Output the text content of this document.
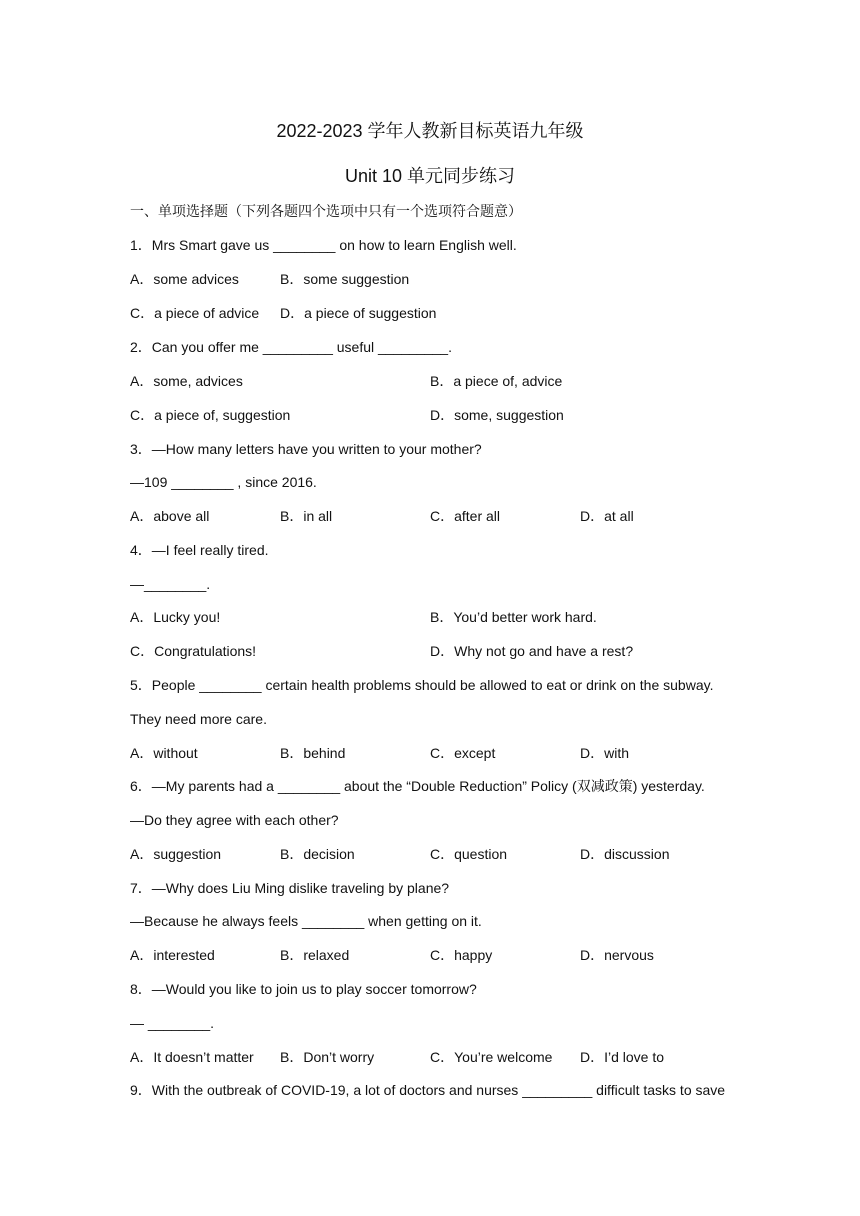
2022-2023 学年人教新目标英语九年级
Unit 10 单元同步练习
一、单项选择题（下列各题四个选项中只有一个选项符合题意）
1．Mrs Smart gave us ________ on how to learn English well.
A．some advices	B．some suggestion
C．a piece of advice D．a piece of suggestion
2．Can you offer me _________ useful _________.
A．some, advices	B．a piece of, advice
C．a piece of, suggestion	D．some, suggestion
3．—How many letters have you written to your mother?
—109 ________ , since 2016.
A．above all	B．in all	C．after all	D．at all
4．—I feel really tired.
—________.
A．Lucky you!	B．You’d better work hard.
C．Congratulations!	D．Why not go and have a rest?
5．People ________ certain health problems should be allowed to eat or drink on the subway.
They need more care.
A．without	B．behind	C．except	D．with
6．—My parents had a ________ about the “Double Reduction” Policy (双减政策) yesterday.
—Do they agree with each other?
A．suggestion	B．decision	C．question	D．discussion
7．—Why does Liu Ming dislike traveling by plane?
—Because he always feels ________ when getting on it.
A．interested	B．relaxed	C．happy	D．nervous
8．—Would you like to join us to play soccer tomorrow?
— ________.
A．It doesn’t matter B．Don’t worry	C．You’re welcome D．I’d love to
9．With the outbreak of COVID-19, a lot of doctors and nurses _________ difficult tasks to save
